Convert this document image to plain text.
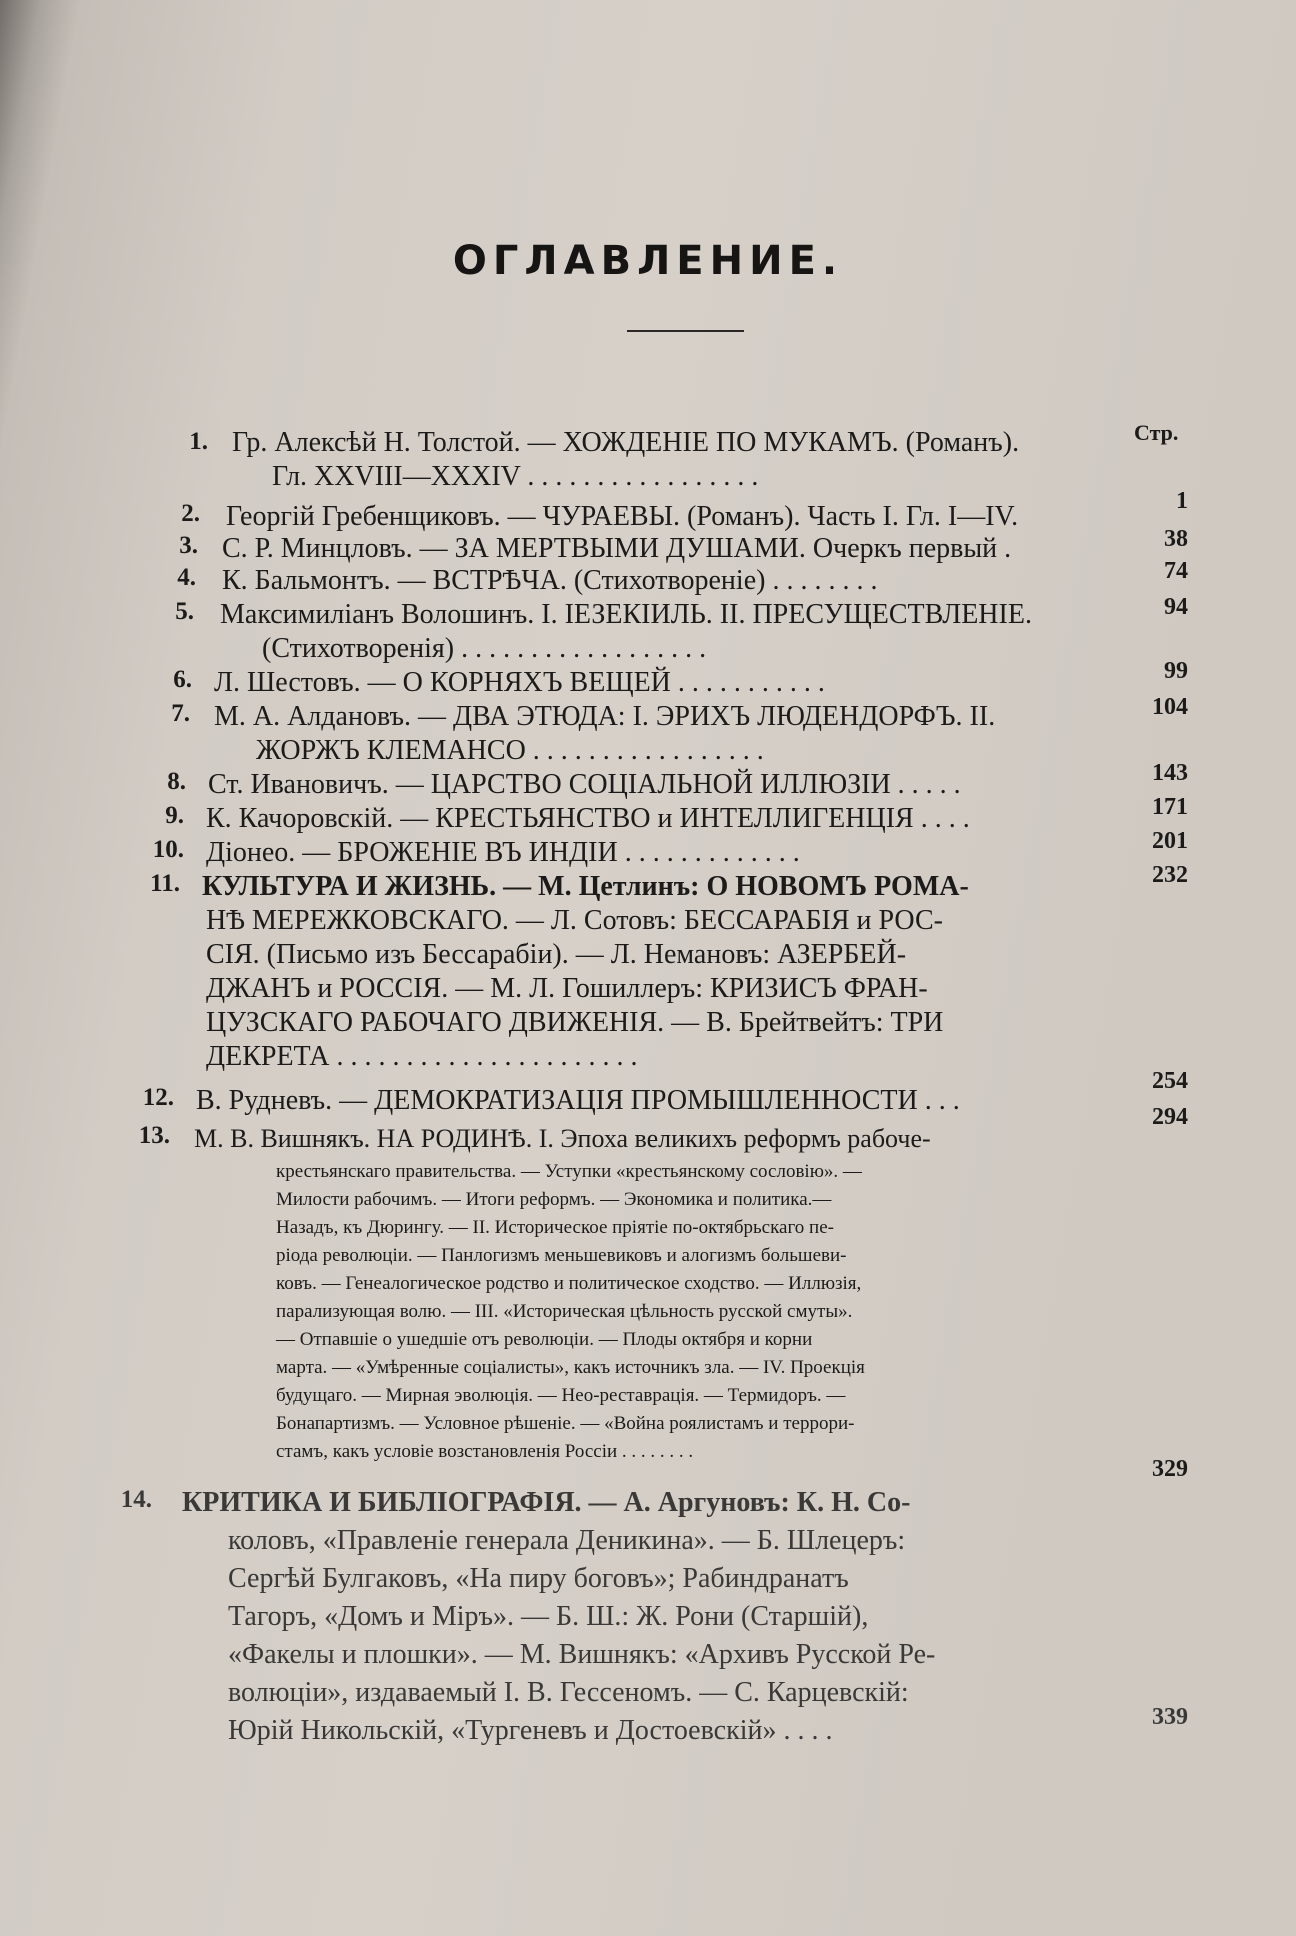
ОГЛАВЛЕНИЕ.
Стр.
1. Гр. Алексѣй Н. Толстой. — ХОЖДЕНIЕ ПО МУКАМЪ. (Романъ).
Гл. XXVIII—XXXIV . . . . . . . . . . . . . . . . .
1
2. Георгій Гребенщиковъ. — ЧУРАЕВЫ. (Романъ). Часть I. Гл. I—IV.
38
3. С. Р. Минцловъ. — ЗА МЕРТВЫМИ ДУШАМИ. Очеркъ первый .
74
4. К. Бальмонтъ. — ВСТРѢЧА. (Стихотвореніе) . . . . . . . .
94
5. Максимиліанъ Волошинъ. I. IЕЗЕКIИЛЬ. II. ПРЕСУЩЕСТВЛЕНIЕ.
(Стихотворенія) . . . . . . . . . . . . . . . . . .
99
6. Л. Шестовъ. — О КОРНЯХЪ ВЕЩЕЙ . . . . . . . . . . .
104
7. М. А. Алдановъ. — ДВА ЭТЮДА: I. ЭРИХЪ ЛЮДЕНДОРФЪ. II.
ЖОРЖЪ КЛЕМАНСО . . . . . . . . . . . . . . . . .
143
8. Ст. Ивановичъ. — ЦАРСТВО СОЦIАЛЬНОЙ ИЛЛЮЗIИ . . . . .
171
9. К. Качоровскій. — КРЕСТЬЯНСТВО и ИНТЕЛЛИГЕНЦIЯ . . . .
201
10. Діонео. — БРОЖЕНIЕ ВЪ ИНДIИ . . . . . . . . . . . . .
232
11. КУЛЬТУРА И ЖИЗНЬ. — М. Цетлинъ: О НОВОМЪ РОМА-
НѢ МЕРЕЖКОВСКАГО. — Л. Сотовъ: БЕССАРАБIЯ и РОС-
СIЯ. (Письмо изъ Бессарабіи). — Л. Немановъ: АЗЕРБЕЙ-
ДЖАНЪ и РОССIЯ. — М. Л. Гошиллеръ: КРИЗИСЪ ФРАН-
ЦУЗСКАГО РАБОЧАГО ДВИЖЕНIЯ. — В. Брейтвейтъ: ТРИ
ДЕКРЕТА . . . . . . . . . . . . . . . . . . . . . .
254
12. В. Рудневъ. — ДЕМОКРАТИЗАЦIЯ ПРОМЫШЛЕННОСТИ . . .
294
13. М. В. Вишнякъ. НА РОДИНѢ. I. Эпоха великихъ реформъ рабоче-
крестьянскаго правительства. — Уступки «крестьянскому сословію». —
Милости рабочимъ. — Итоги реформъ. — Экономика и политика.—
Назадъ, къ Дюрингу. — II. Историческое пріятіе по-октябрьскаго пе-
ріода революціи. — Панлогизмъ меньшевиковъ и алогизмъ большеви-
ковъ. — Генеалогическое родство и политическое сходство. — Иллюзія,
парализующая волю. — III. «Историческая цѣльность русской смуты».
— Отпавшіе о ушедшіе отъ революціи. — Плоды октября и корни
марта. — «Умѣренные соціалисты», какъ источникъ зла. — IV. Проекція
будущаго. — Мирная эволюція. — Нео-реставрація. — Термидоръ. —
Бонапартизмъ. — Условное рѣшеніе. — «Война роялистамъ и террори-
стамъ, какъ условіе возстановленія Россіи . . . . . . . .
329
14. КРИТИКА И БИБЛIОГРАФIЯ. — А. Аргуновъ: К. Н. Со-
коловъ, «Правленіе генерала Деникина». — Б. Шлецеръ:
Сергѣй Булгаковъ, «На пиру боговъ»; Рабиндранатъ
Тагоръ, «Домъ и Міръ». — Б. Ш.: Ж. Рони (Старшій),
«Факелы и плошки». — М. Вишнякъ: «Архивъ Русской Ре-
волюціи», издаваемый I. В. Гессеномъ. — С. Карцевскій:
Юрій Никольскій, «Тургеневъ и Достоевскій» . . . .	339
